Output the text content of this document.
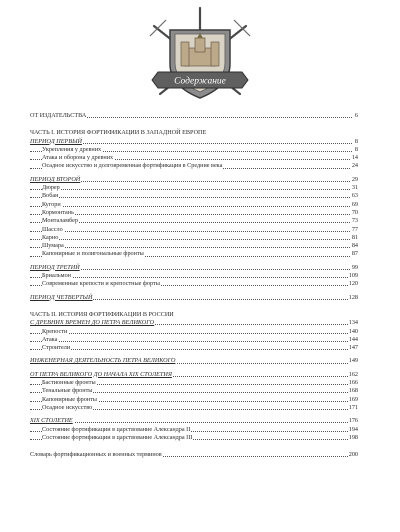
Содержание
ОТ ИЗДАТЕЛЬСТВА	6
ЧАСТЬ I. ИСТОРИЯ ФОРТИФИКАЦИИ В ЗАПАДНОЙ ЕВРОПЕ
ПЕРИОД ПЕРВЫЙ	8
Укрепления у древних	8
Атака и оборона у древних	14
Осадное искусство и долговременная фортификация в Средние века	24
ПЕРИОД ВТОРОЙ	29
Дюрер	31
Вобан	63
Кугорн	69
Кормонтань	70
Монталамбер	73
Шассло	77
Карно	81
Шумара	84
Капонирные и полигональные фронты	87
ПЕРИОД ТРЕТИЙ	99
Бриальмон	109
Современные крепости и крепостные форты	120
ПЕРИОД ЧЕТВЕРТЫЙ	128
ЧАСТЬ II. ИСТОРИЯ ФОРТИФИКАЦИИ В РОССИИ
С ДРЕВНИХ ВРЕМЕН ДО ПЕТРА ВЕЛИКОГО	134
Крепости	140
Атака	144
Строители	147
ИНЖЕНЕРНАЯ ДЕЯТЕЛЬНОСТЬ ПЕТРА ВЕЛИКОГО	149
ОТ ПЕТРА ВЕЛИКОГО ДО НАЧАЛА XIX СТОЛЕТИЯ	162
Бастионные фронты	166
Тенальные фронты	168
Капонирные фронты	169
Осадное искусство	171
XIX СТОЛЕТИЕ	176
Состояние фортификации в царствование Александра II	194
Состояние фортификации в царствование Александра III	198
Словарь фортификационных и военных терминов	200
